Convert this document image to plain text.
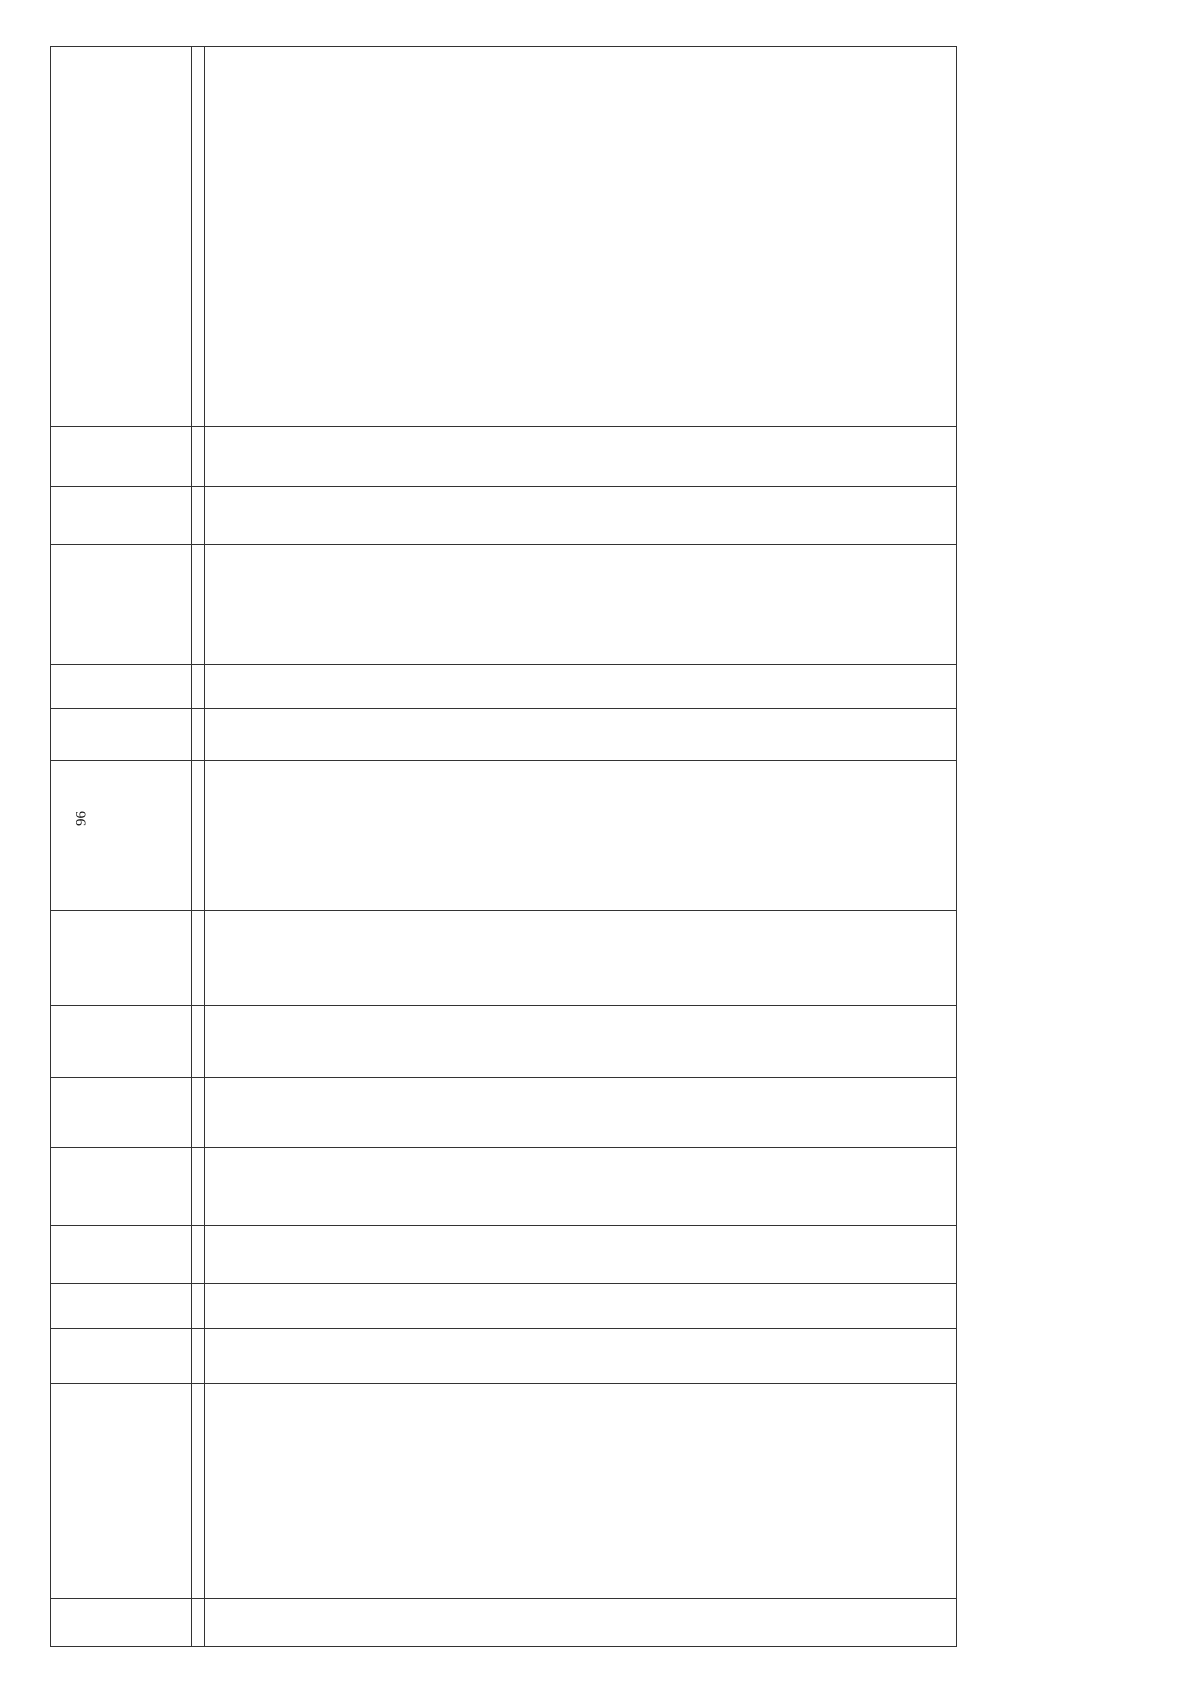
96
